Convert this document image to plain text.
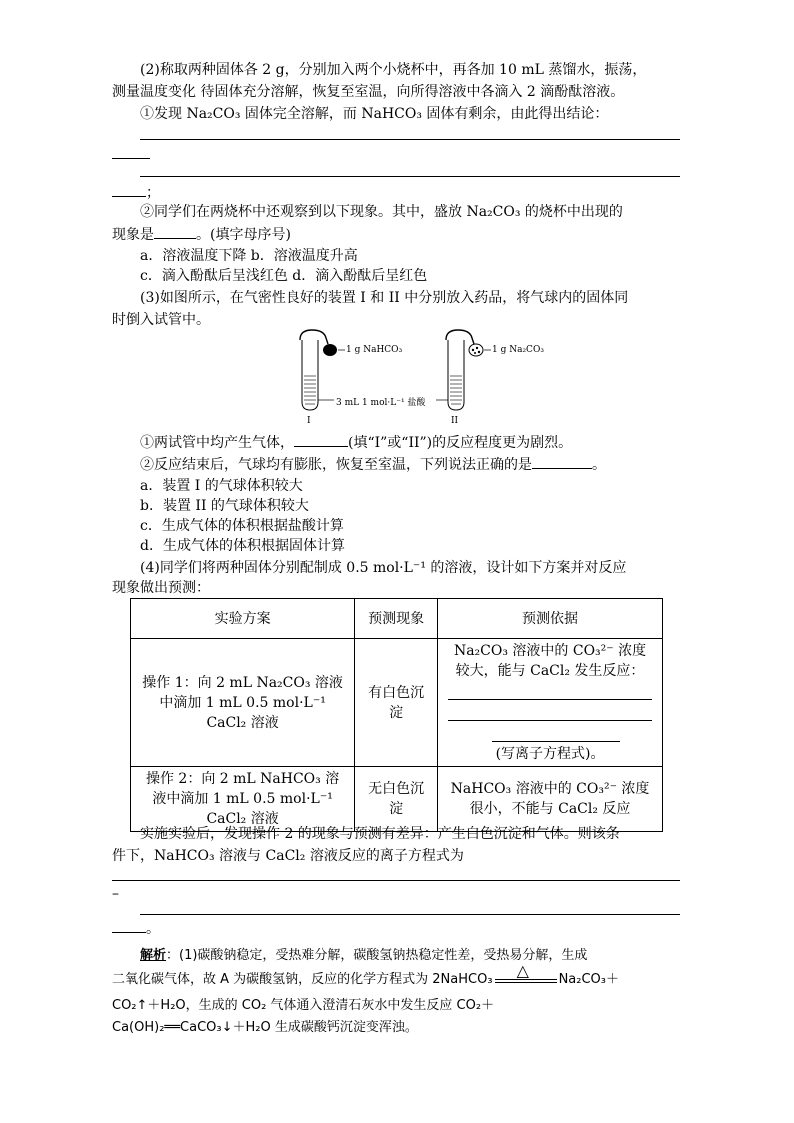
(2)称取两种固体各 2 g，分别加入两个小烧杯中，再各加 10 mL 蒸馏水，振荡，
测量温度变化 待固体充分溶解，恢复至室温，向所得溶液中各滴入 2 滴酚酞溶液。
①发现 Na₂CO₃ 固体完全溶解，而 NaHCO₃ 固体有剩余，由此得出结论：
；
②同学们在两烧杯中还观察到以下现象。其中，盛放 Na₂CO₃ 的烧杯中出现的
现象是	。(填字母序号)
a．溶液温度下降 b．溶液温度升高
c．滴入酚酞后呈浅红色 d．滴入酚酞后呈红色
(3)如图所示，在气密性良好的装置 I 和 II 中分别放入药品，将气球内的固体同
时倒入试管中。
1 g NaHCO₃	1 g Na₂CO₃
3 mL 1 mol·L⁻¹ 盐酸
I	II
①两试管中均产生气体，	(填“I”或“II”)的反应程度更为剧烈。
②反应结束后，气球均有膨胀，恢复至室温，下列说法正确的是	。
a．装置 I 的气球体积较大
b．装置 II 的气球体积较大
c．生成气体的体积根据盐酸计算
d．生成气体的体积根据固体计算
(4)同学们将两种固体分别配制成 0.5 mol·L⁻¹ 的溶液，设计如下方案并对反应
现象做出预测：
实验方案	预测现象	预测依据
操作 1：向 2 mL Na₂CO₃ 溶液中滴加 1 mL 0.5 mol·L⁻¹ CaCl₂ 溶液	有白色沉淀	Na₂CO₃ 溶液中的 CO₃²⁻ 浓度较大，能与 CaCl₂ 发生反应：
(写离子方程式)。

操作 2：向 2 mL NaHCO₃ 溶液中滴加 1 mL 0.5 mol·L⁻¹ CaCl₂ 溶液	无白色沉淀	NaHCO₃ 溶液中的 CO₃²⁻ 浓度很小，不能与 CaCl₂ 反应
实施实验后，发现操作 2 的现象与预测有差异：产生白色沉淀和气体。则该条
件下，NaHCO₃ 溶液与 CaCl₂ 溶液反应的离子方程式为
–
。
解析：(1)碳酸钠稳定，受热难分解，碳酸氢钠热稳定性差，受热易分解，生成
二氧化碳气体，故 A 为碳酸氢钠，反应的化学方程式为 2NaHCO₃ △ Na₂CO₃＋
CO₂↑＋H₂O，生成的 CO₂ 气体通入澄清石灰水中发生反应 CO₂＋
Ca(OH)₂══CaCO₃↓＋H₂O 生成碳酸钙沉淀变浑浊。
